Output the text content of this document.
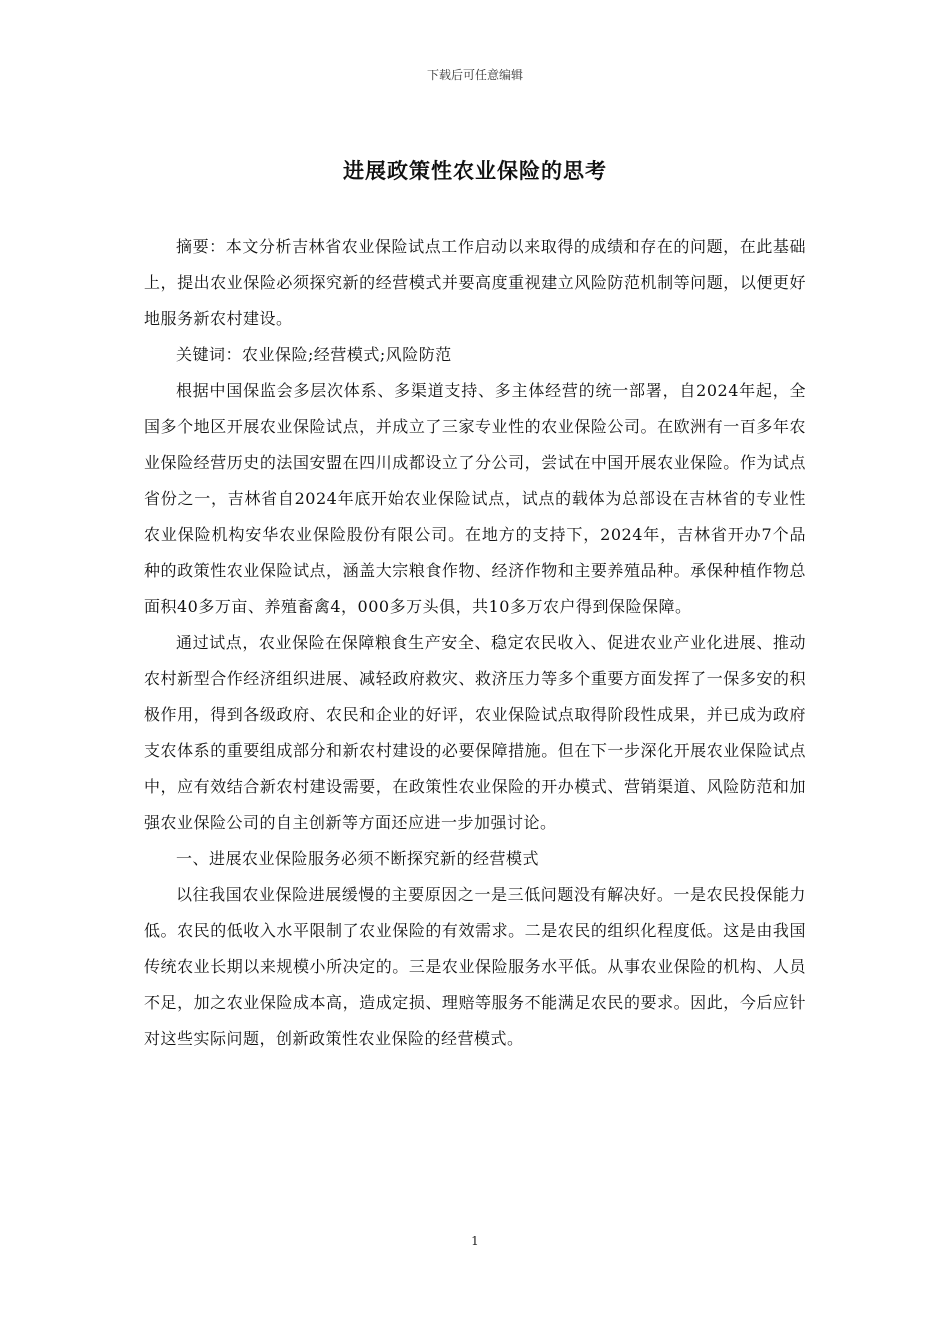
下载后可任意编辑
进展政策性农业保险的思考

摘要：本文分析吉林省农业保险试点工作启动以来取得的成绩和存在的问题，在此基础上，提出农业保险必须探究新的经营模式并要高度重视建立风险防范机制等问题，以便更好地服务新农村建设。

关键词：农业保险;经营模式;风险防范

根据中国保监会多层次体系、多渠道支持、多主体经营的统一部署，自2024年起，全国多个地区开展农业保险试点，并成立了三家专业性的农业保险公司。在欧洲有一百多年农业保险经营历史的法国安盟在四川成都设立了分公司，尝试在中国开展农业保险。作为试点省份之一，吉林省自2024年底开始农业保险试点，试点的载体为总部设在吉林省的专业性农业保险机构安华农业保险股份有限公司。在地方的支持下，2024年，吉林省开办7个品种的政策性农业保险试点，涵盖大宗粮食作物、经济作物和主要养殖品种。承保种植作物总面积40多万亩、养殖畜禽4，000多万头俱，共10多万农户得到保险保障。

通过试点，农业保险在保障粮食生产安全、稳定农民收入、促进农业产业化进展、推动农村新型合作经济组织进展、减轻政府救灾、救济压力等多个重要方面发挥了一保多安的积极作用，得到各级政府、农民和企业的好评，农业保险试点取得阶段性成果，并已成为政府支农体系的重要组成部分和新农村建设的必要保障措施。但在下一步深化开展农业保险试点中，应有效结合新农村建设需要，在政策性农业保险的开办模式、营销渠道、风险防范和加强农业保险公司的自主创新等方面还应进一步加强讨论。

一、进展农业保险服务必须不断探究新的经营模式

以往我国农业保险进展缓慢的主要原因之一是三低问题没有解决好。一是农民投保能力低。农民的低收入水平限制了农业保险的有效需求。二是农民的组织化程度低。这是由我国传统农业长期以来规模小所决定的。三是农业保险服务水平低。从事农业保险的机构、人员不足，加之农业保险成本高，造成定损、理赔等服务不能满足农民的要求。因此，今后应针对这些实际问题，创新政策性农业保险的经营模式。

1
